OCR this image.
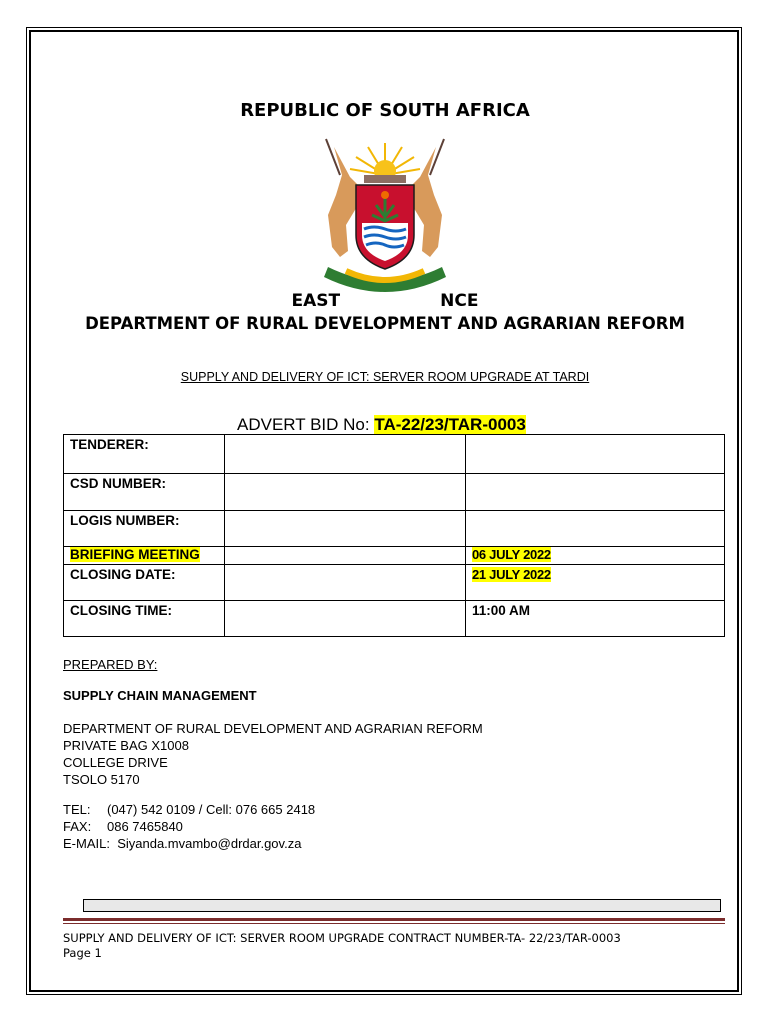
REPUBLIC OF SOUTH AFRICA
EAST	NCE
DEPARTMENT OF RURAL DEVELOPMENT AND AGRARIAN REFORM
SUPPLY AND DELIVERY OF ICT: SERVER ROOM UPGRADE AT TARDI
ADVERT BID No: TA-22/23/TAR-0003
TENDERER:		
CSD NUMBER:		
LOGIS NUMBER:		
BRIEFING MEETING		06 JULY 2022
CLOSING DATE:		21 JULY 2022
CLOSING TIME:		11:00 AM
PREPARED BY:
SUPPLY CHAIN MANAGEMENT
DEPARTMENT OF RURAL DEVELOPMENT AND AGRARIAN REFORM
PRIVATE BAG X1008
COLLEGE DRIVE
TSOLO 5170
TEL: (047) 542 0109 / Cell: 076 665 2418
FAX: 086 7465840
E-MAIL: Siyanda.mvambo@drdar.gov.za
SUPPLY AND DELIVERY OF ICT: SERVER ROOM UPGRADE CONTRACT NUMBER-TA- 22/23/TAR-0003
Page 1
